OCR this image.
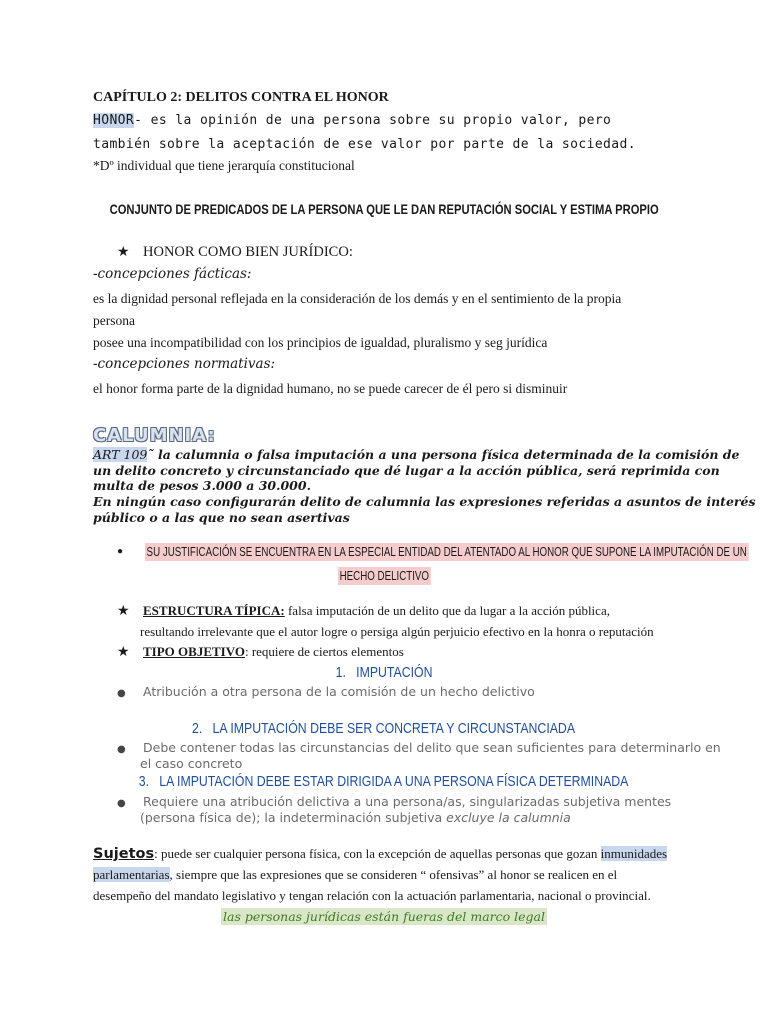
CAPÍTULO 2: DELITOS CONTRA EL HONOR
HONOR- es la opinión de una persona sobre su propio valor, pero
también sobre la aceptación de ese valor por parte de la sociedad.
*Dº individual que tiene jerarquía constitucional
CONJUNTO DE PREDICADOS DE LA PERSONA QUE LE DAN REPUTACIÓN SOCIAL Y ESTIMA PROPIO
★ HONOR COMO BIEN JURÍDICO:
-concepciones fácticas:
es la dignidad personal reflejada en la consideración de los demás y en el sentimiento de la propia
persona
posee una incompatibilidad con los principios de igualdad, pluralismo y seg jurídica
-concepciones normativas:
el honor forma parte de la dignidad humano, no se puede carecer de él pero si disminuir
CALUMNIA:
ART 109˜ la calumnia o falsa imputación a una persona física determinada de la comisión de
un delito concreto y circunstanciado que dé lugar a la acción pública, será reprimida con
multa de pesos 3.000 a 30.000.
En ningún caso configurarán delito de calumnia las expresiones referidas a asuntos de interés
público o a las que no sean asertivas
● SU JUSTIFICACIÓN SE ENCUENTRA EN LA ESPECIAL ENTIDAD DEL ATENTADO AL HONOR QUE SUPONE LA IMPUTACIÓN DE UN
HECHO DELICTIVO
★ ESTRUCTURA TÍPICA: falsa imputación de un delito que da lugar a la acción pública,
resultando irrelevante que el autor logre o persiga algún perjuicio efectivo en la honra o reputación
★ TIPO OBJETIVO: requiere de ciertos elementos
1. IMPUTACIÓN
● Atribución a otra persona de la comisión de un hecho delictivo
2. LA IMPUTACIÓN DEBE SER CONCRETA Y CIRCUNSTANCIADA
● Debe contener todas las circunstancias del delito que sean suficientes para determinarlo en
el caso concreto
3. LA IMPUTACIÓN DEBE ESTAR DIRIGIDA A UNA PERSONA FÍSICA DETERMINADA
● Requiere una atribución delictiva a una persona/as, singularizadas subjetiva mentes
(persona física de); la indeterminación subjetiva excluye la calumnia
Sujetos: puede ser cualquier persona física, con la excepción de aquellas personas que gozan inmunidades
parlamentarias, siempre que las expresiones que se consideren “ ofensivas” al honor se realicen en el
desempeño del mandato legislativo y tengan relación con la actuación parlamentaria, nacional o provincial.
las personas jurídicas están fueras del marco legal
